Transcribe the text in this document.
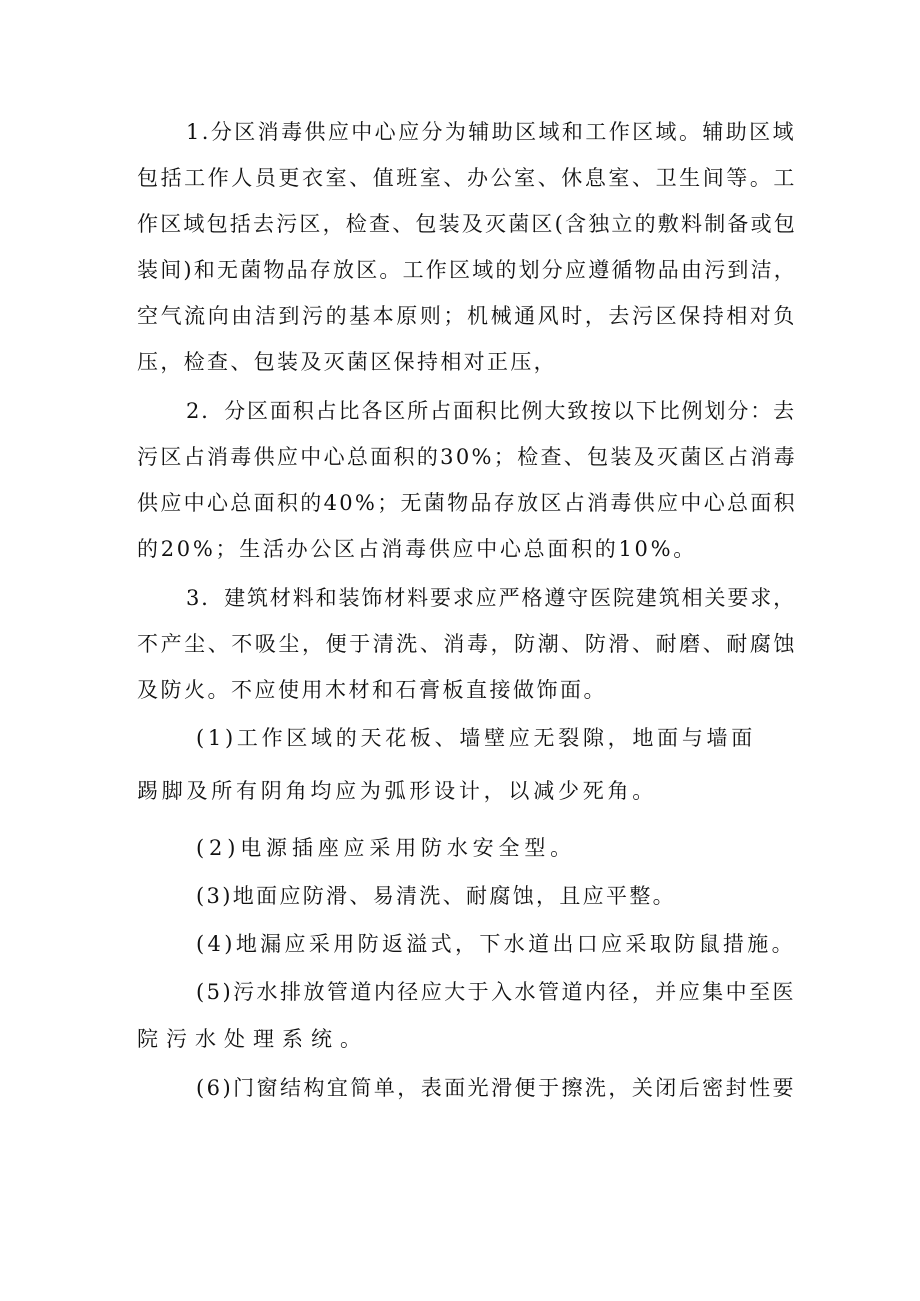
1.分区消毒供应中心应分为辅助区域和工作区域。辅助区域
包括工作人员更衣室、值班室、办公室、休息室、卫生间等。工
作区域包括去污区，检查、包装及灭菌区(含独立的敷料制备或包
装间)和无菌物品存放区。工作区域的划分应遵循物品由污到洁，
空气流向由洁到污的基本原则；机械通风时，去污区保持相对负
压，检查、包装及灭菌区保持相对正压，
2．分区面积占比各区所占面积比例大致按以下比例划分：去
污区占消毒供应中心总面积的30%；检查、包装及灭菌区占消毒
供应中心总面积的40%；无菌物品存放区占消毒供应中心总面积
的20%；生活办公区占消毒供应中心总面积的10%。
3．建筑材料和装饰材料要求应严格遵守医院建筑相关要求，
不产尘、不吸尘，便于清洗、消毒，防潮、防滑、耐磨、耐腐蚀
及防火。不应使用木材和石膏板直接做饰面。
(1)工作区域的天花板、墙壁应无裂隙，地面与墙面
踢脚及所有阴角均应为弧形设计，以减少死角。
(2)电源插座应采用防水安全型。
(3)地面应防滑、易清洗、耐腐蚀，且应平整。
(4)地漏应采用防返溢式，下水道出口应采取防鼠措施。
(5)污水排放管道内径应大于入水管道内径，并应集中至医
院污水处理系统。
(6)门窗结构宜简单，表面光滑便于擦洗，关闭后密封性要
